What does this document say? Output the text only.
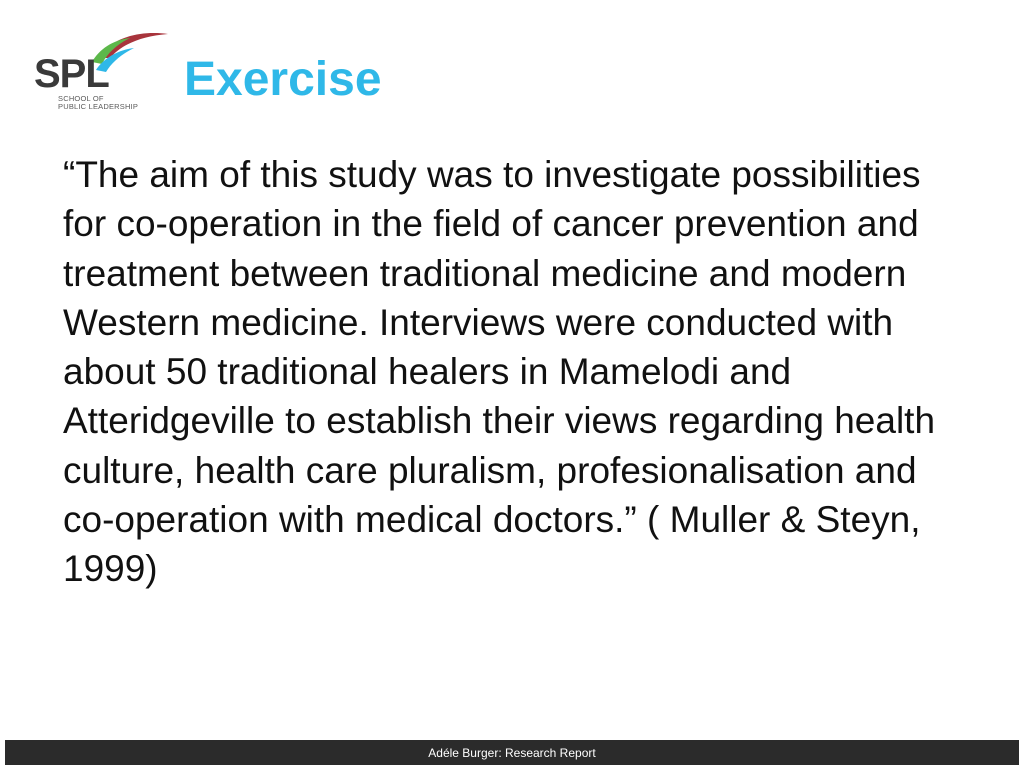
SPL
SCHOOL OF
PUBLIC LEADERSHIP
Exercise

“The aim of this study was to investigate possibilities for co-operation in the field of cancer prevention and treatment between traditional medicine and modern Western medicine. Interviews were conducted with about 50 traditional healers in Mamelodi and Atteridgeville to establish their views regarding health culture, health care pluralism, profesionalisation and co-operation with medical doctors.” ( Muller & Steyn, 1999)

Adéle Burger: Research Report
